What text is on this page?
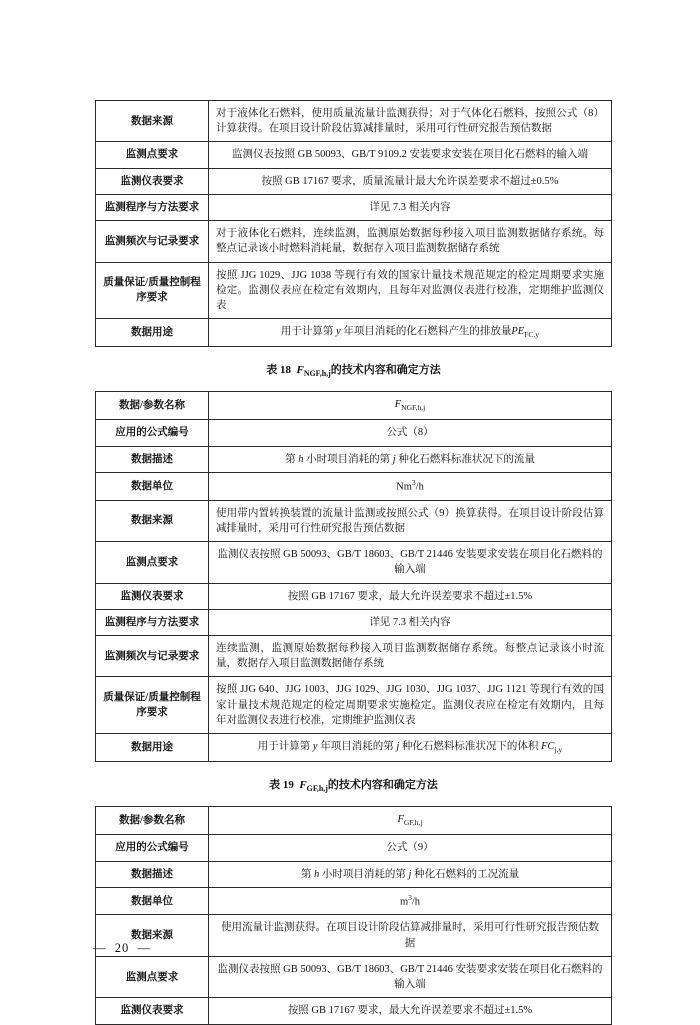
数据来源	对于液体化石燃料，使用质量流量计监测获得；对于气体化石燃料，按照公式（8）计算获得。在项目设计阶段估算减排量时，采用可行性研究报告预估数据
监测点要求	监测仪表按照 GB 50093、GB/T 9109.2 安装要求安装在项目化石燃料的输入端
监测仪表要求	按照 GB 17167 要求，质量流量计最大允许误差要求不超过±0.5%
监测程序与方法要求	详见 7.3 相关内容
监测频次与记录要求	对于液体化石燃料，连续监测，监测原始数据每秒接入项目监测数据储存系统。每整点记录该小时燃料消耗量，数据存入项目监测数据储存系统
质量保证/质量控制程序要求	按照 JJG 1029、JJG 1038 等现行有效的国家计量技术规范规定的检定周期要求实施检定。监测仪表应在检定有效期内，且每年对监测仪表进行校准，定期维护监测仪表
数据用途	用于计算第 y 年项目消耗的化石燃料产生的排放量$PE_{FC,y}$
表 18  $F_{NGF,h,j}$的技术内容和确定方法
数据/参数名称	$F_{NGF,h,j}$
应用的公式编号	公式（8）
数据描述	第 h 小时项目消耗的第 j 种化石燃料标准状况下的流量
数据单位	Nm$^3$/h
数据来源	使用带内置转换装置的流量计监测或按照公式（9）换算获得。在项目设计阶段估算减排量时，采用可行性研究报告预估数据
监测点要求	监测仪表按照 GB 50093、GB/T 18603、GB/T 21446 安装要求安装在项目化石燃料的输入端
监测仪表要求	按照 GB 17167 要求，最大允许误差要求不超过±1.5%
监测程序与方法要求	详见 7.3 相关内容
监测频次与记录要求	连续监测，监测原始数据每秒接入项目监测数据储存系统。每整点记录该小时流量，数据存入项目监测数据储存系统
质量保证/质量控制程序要求	按照 JJG 640、JJG 1003、JJG 1029、JJG 1030、JJG 1037、JJG 1121 等现行有效的国家计量技术规范规定的检定周期要求实施检定。监测仪表应在检定有效期内，且每年对监测仪表进行校准，定期维护监测仪表
数据用途	用于计算第 y 年项目消耗的第 j 种化石燃料标准状况下的体积 $FC_{j,y}$
表 19  $F_{GF,h,j}$的技术内容和确定方法
数据/参数名称	$F_{GF,h,j}$
应用的公式编号	公式（9）
数据描述	第 h 小时项目消耗的第 j 种化石燃料的工况流量
数据单位	$m^3/h$
数据来源	使用流量计监测获得。在项目设计阶段估算减排量时，采用可行性研究报告预估数据
监测点要求	监测仪表按照 GB 50093、GB/T 18603、GB/T 21446 安装要求安装在项目化石燃料的输入端
监测仪表要求	按照 GB 17167 要求，最大允许误差要求不超过±1.5%
—  20  —
